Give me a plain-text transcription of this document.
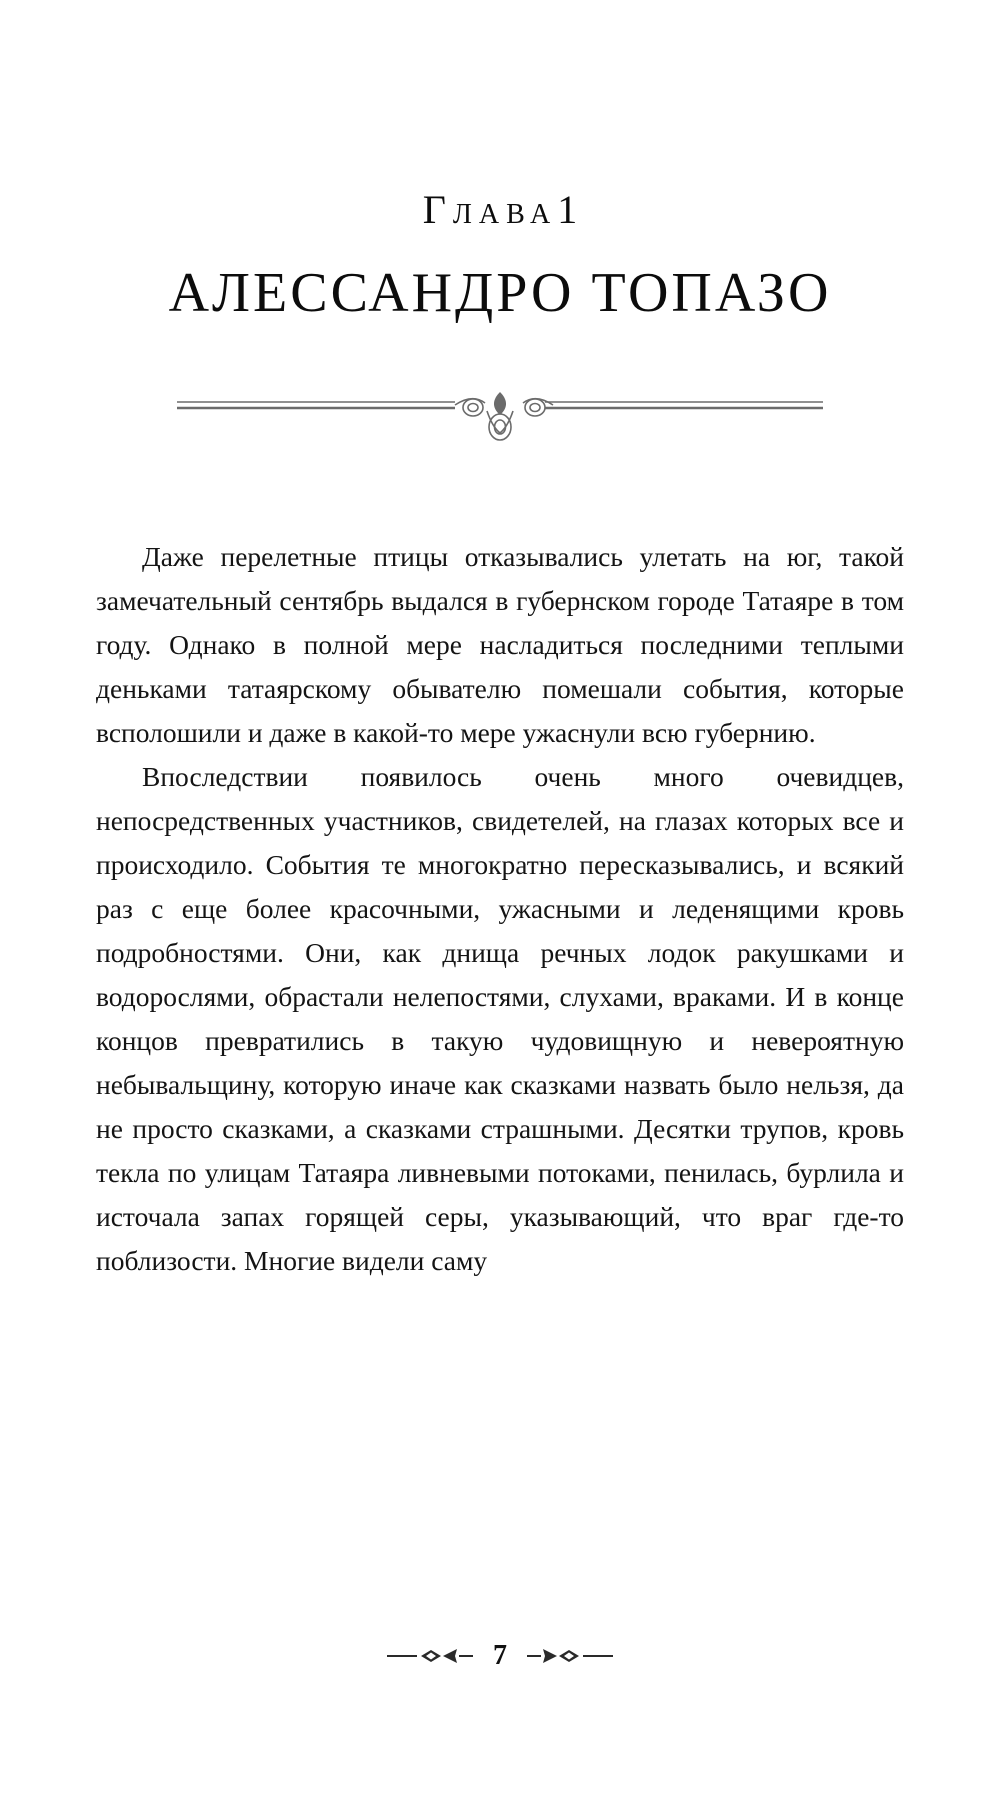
Глава1
АЛЕССАНДРО ТОПАЗО

Даже перелетные птицы отказывались улетать на юг, такой замечательный сентябрь выдался в губернском городе Татаяре в том году. Однако в полной мере насладиться последними теплыми деньками татаярскому обывателю помешали события, которые всполошили и даже в какой-то мере ужаснули всю губернию.

Впоследствии появилось очень много очевидцев, непосредственных участников, свидетелей, на глазах которых все и происходило. События те многократно пересказывались, и всякий раз с еще более красочными, ужасными и леденящими кровь подробностями. Они, как днища речных лодок ракушками и водорослями, обрастали нелепостями, слухами, враками. И в конце концов превратились в такую чудовищную и невероятную небывальщину, которую иначе как сказками назвать было нельзя, да не просто сказками, а сказками страшными. Десятки трупов, кровь текла по улицам Татаяра ливневыми потоками, пенилась, бурлила и источала запах горящей серы, указывающий, что враг где-то поблизости. Многие видели саму

7
